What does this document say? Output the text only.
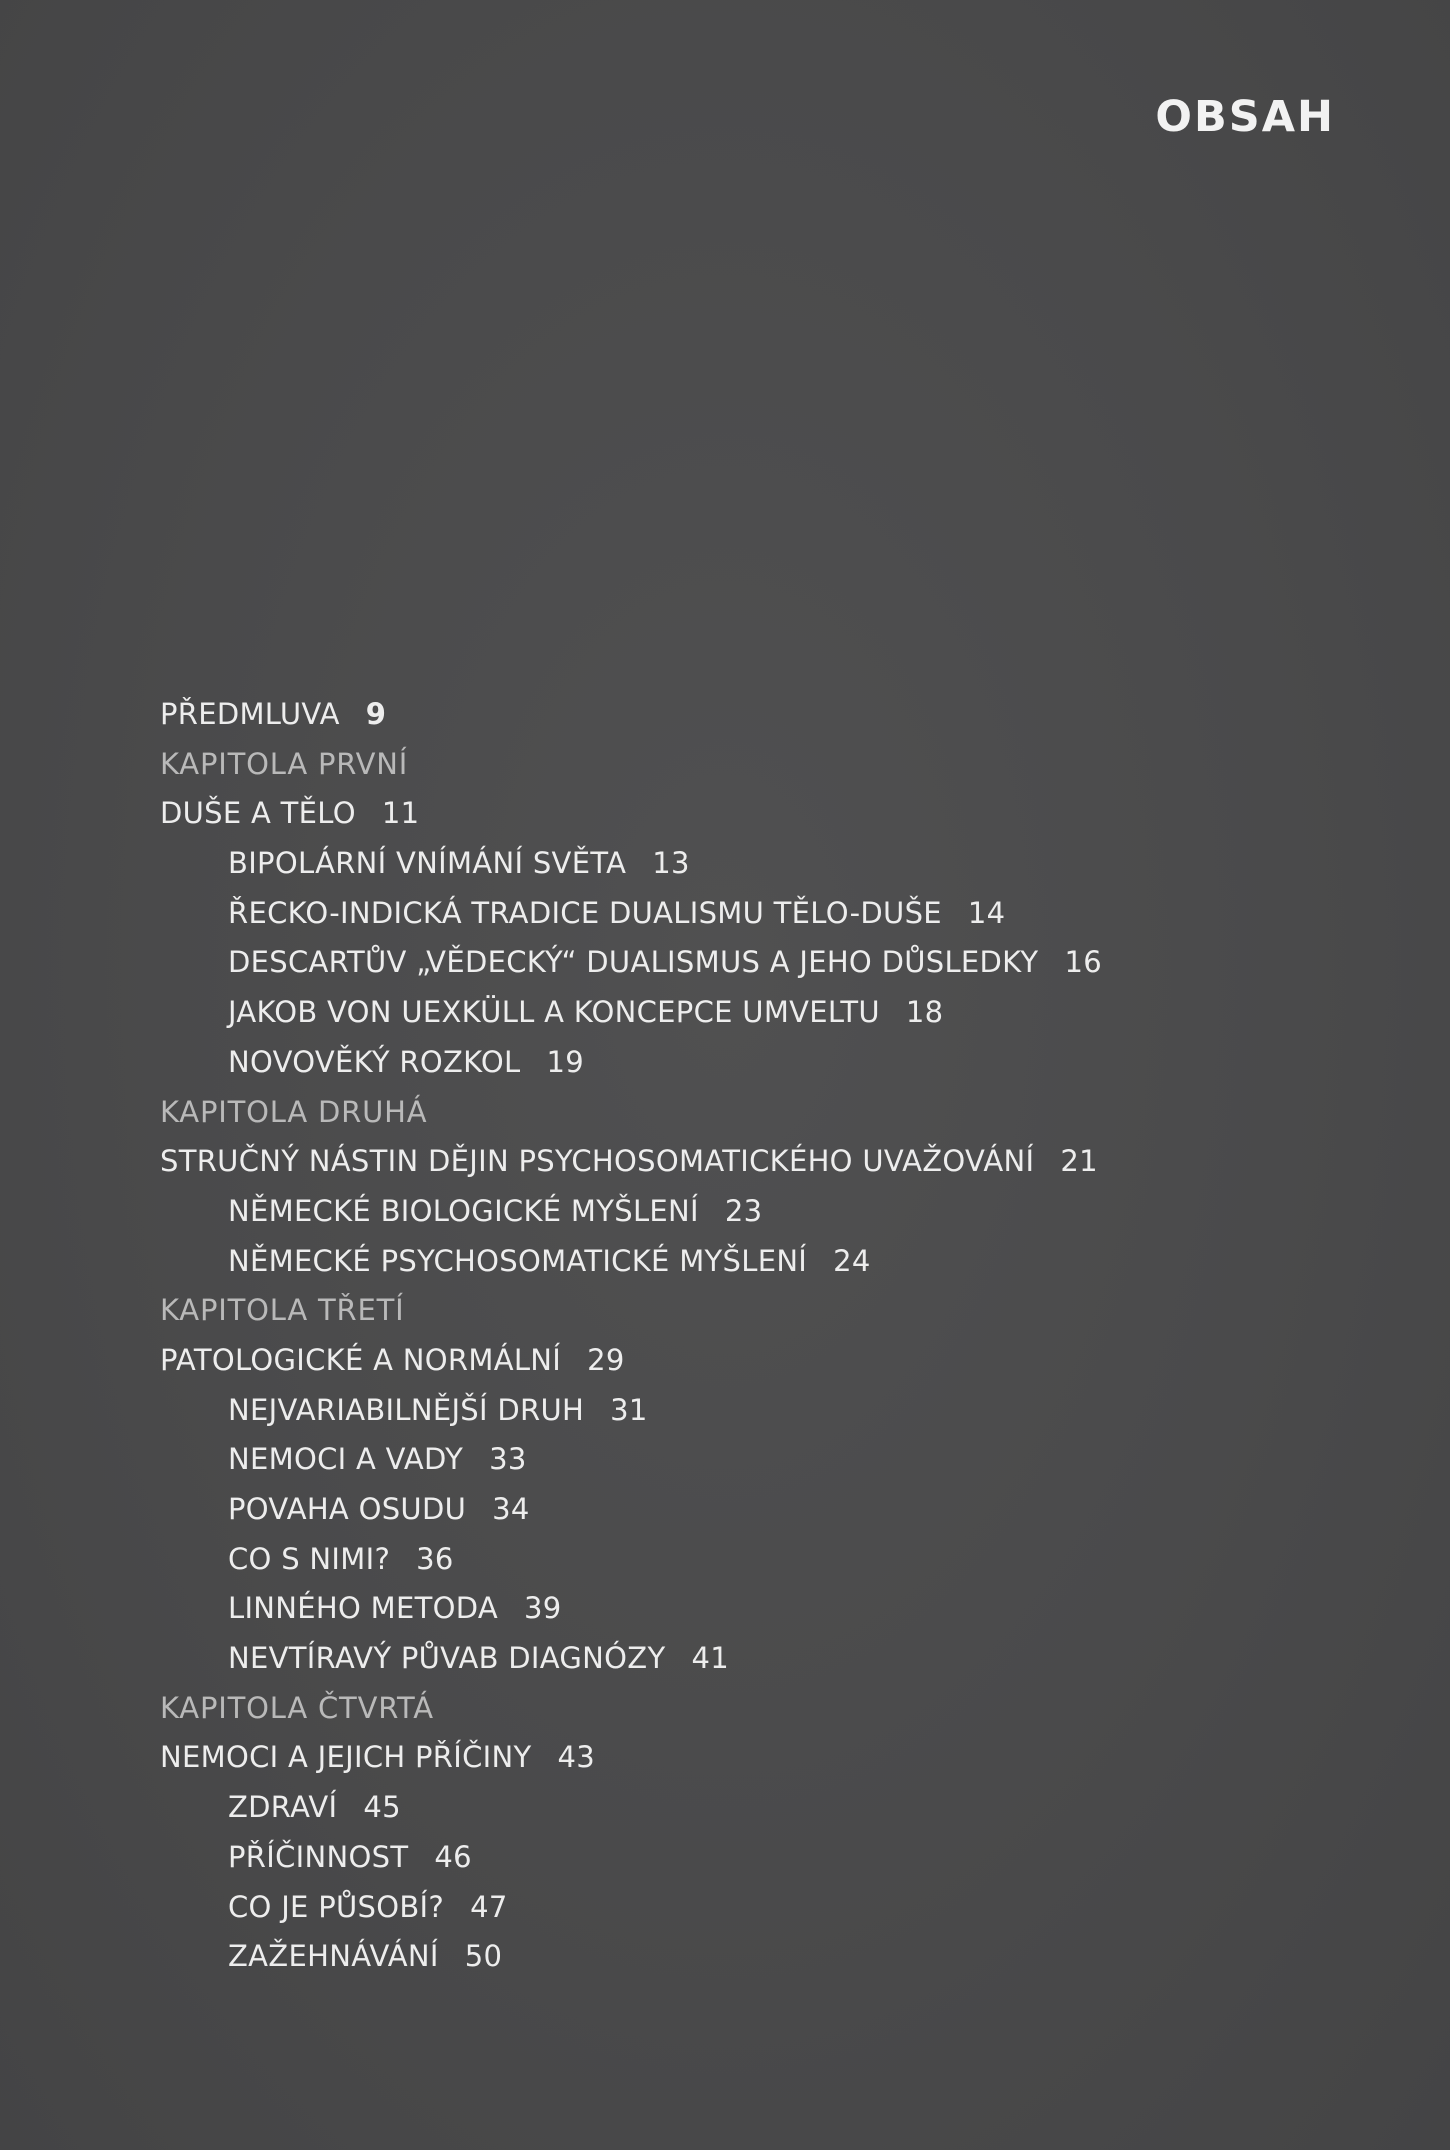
OBSAH
PŘEDMLUVA 9
KAPITOLA PRVNÍ
DUŠE A TĚLO 11
BIPOLÁRNÍ VNÍMÁNÍ SVĚTA 13
ŘECKO-INDICKÁ TRADICE DUALISMU TĚLO-DUŠE 14
DESCARTŮV „VĚDECKÝ“ DUALISMUS A JEHO DŮSLEDKY 16
JAKOB VON UEXKÜLL A KONCEPCE UMVELTU 18
NOVOVĚKÝ ROZKOL 19
KAPITOLA DRUHÁ
STRUČNÝ NÁSTIN DĚJIN PSYCHOSOMATICKÉHO UVAŽOVÁNÍ 21
NĚMECKÉ BIOLOGICKÉ MYŠLENÍ 23
NĚMECKÉ PSYCHOSOMATICKÉ MYŠLENÍ 24
KAPITOLA TŘETÍ
PATOLOGICKÉ A NORMÁLNÍ 29
NEJVARIABILNĚJŠÍ DRUH 31
NEMOCI A VADY 33
POVAHA OSUDU 34
CO S NIMI? 36
LINNÉHO METODA 39
NEVTÍRAVÝ PŮVAB DIAGNÓZY 41
KAPITOLA ČTVRTÁ
NEMOCI A JEJICH PŘÍČINY 43
ZDRAVÍ 45
PŘÍČINNOST 46
CO JE PŮSOBÍ? 47
ZAŽEHNÁVÁNÍ 50
